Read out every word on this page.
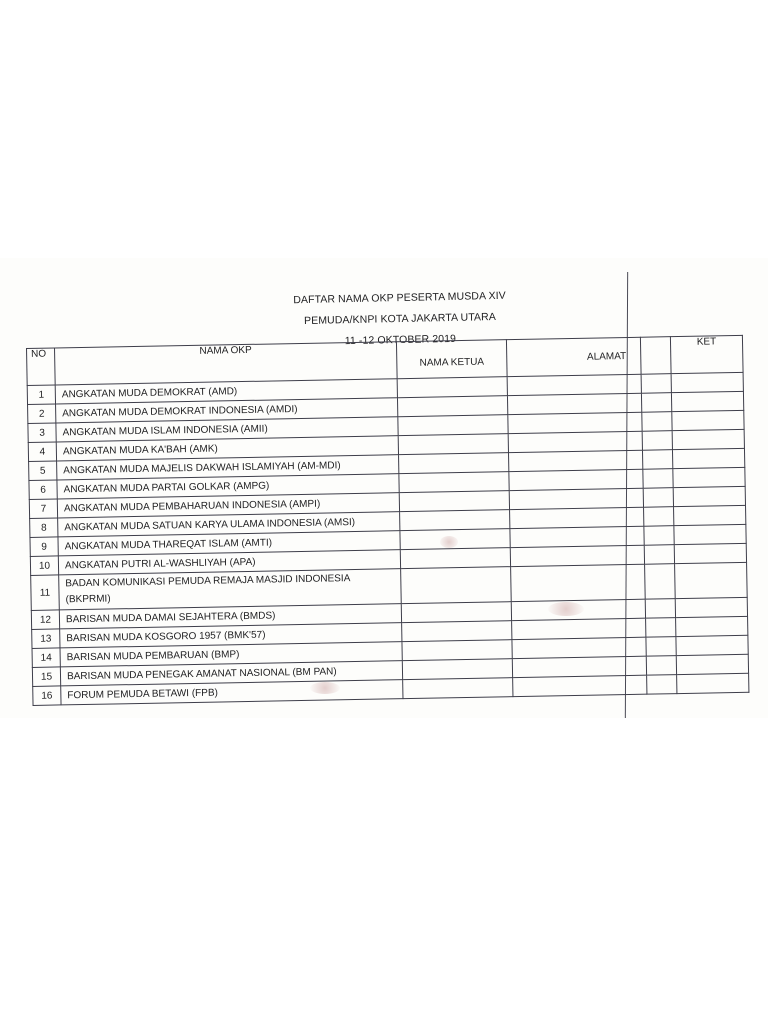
DAFTAR NAMA OKP PESERTA MUSDA XIV
PEMUDA/KNPI KOTA JAKARTA UTARA
11 -12 OKTOBER 2019
NO	NAMA OKP	NAMA KETUA	ALAMAT		KET
1	ANGKATAN MUDA DEMOKRAT (AMD)				
2	ANGKATAN MUDA DEMOKRAT INDONESIA (AMDI)				
3	ANGKATAN MUDA ISLAM INDONESIA (AMII)				
4	ANGKATAN MUDA KA'BAH (AMK)				
5	ANGKATAN MUDA MAJELIS DAKWAH ISLAMIYAH (AM-MDI)				
6	ANGKATAN MUDA PARTAI GOLKAR (AMPG)				
7	ANGKATAN MUDA PEMBAHARUAN INDONESIA (AMPI)				
8	ANGKATAN MUDA SATUAN KARYA ULAMA INDONESIA (AMSI)				
9	ANGKATAN MUDA THAREQAT ISLAM (AMTI)				
10	ANGKATAN PUTRI AL-WASHLIYAH (APA)				
11	BADAN KOMUNIKASI PEMUDA REMAJA MASJID INDONESIA (BKPRMI)				

12	BARISAN MUDA DAMAI SEJAHTERA (BMDS)				
13	BARISAN MUDA KOSGORO 1957 (BMK'57)				
14	BARISAN MUDA PEMBARUAN (BMP)				
15	BARISAN MUDA PENEGAK AMANAT NASIONAL (BM PAN)				
16	FORUM PEMUDA BETAWI (FPB)				
